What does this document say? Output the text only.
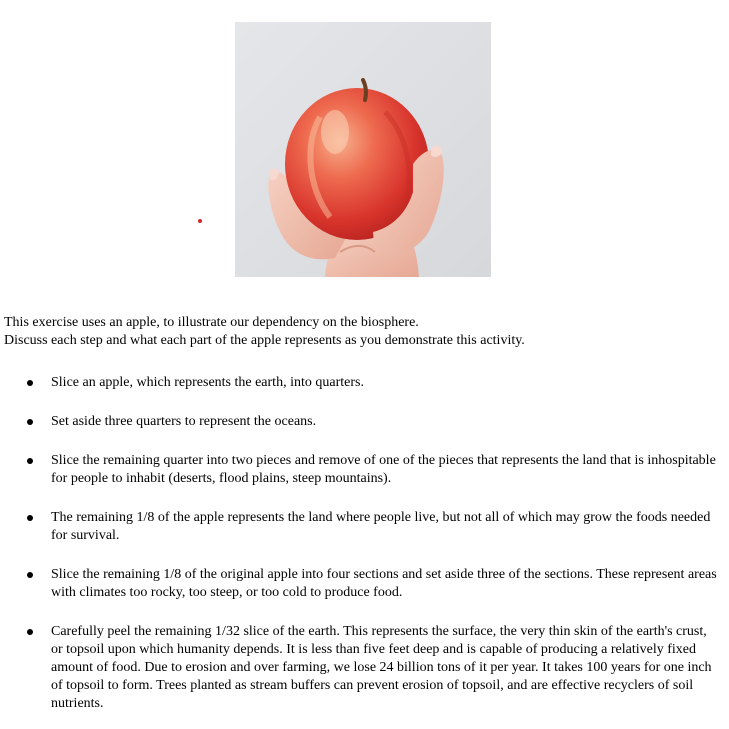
This exercise uses an apple, to illustrate our dependency on the biosphere.

Discuss each step and what each part of the apple represents as you demonstrate this activity.

Slice an apple, which represents the earth, into quarters.
Set aside three quarters to represent the oceans.
Slice the remaining quarter into two pieces and remove of one of the pieces that represents the land that is inhospitable for people to inhabit (deserts, flood plains, steep mountains).
The remaining 1/8 of the apple represents the land where people live, but not all of which may grow the foods needed for survival.
Slice the remaining 1/8 of the original apple into four sections and set aside three of the sections. These represent areas with climates too rocky, too steep, or too cold to produce food.
Carefully peel the remaining 1/32 slice of the earth. This represents the surface, the very thin skin of the earth's crust, or topsoil upon which humanity depends. It is less than five feet deep and is capable of producing a relatively fixed amount of food. Due to erosion and over farming, we lose 24 billion tons of it per year. It takes 100 years for one inch of topsoil to form. Trees planted as stream buffers can prevent erosion of topsoil, and are effective recyclers of soil nutrients.
